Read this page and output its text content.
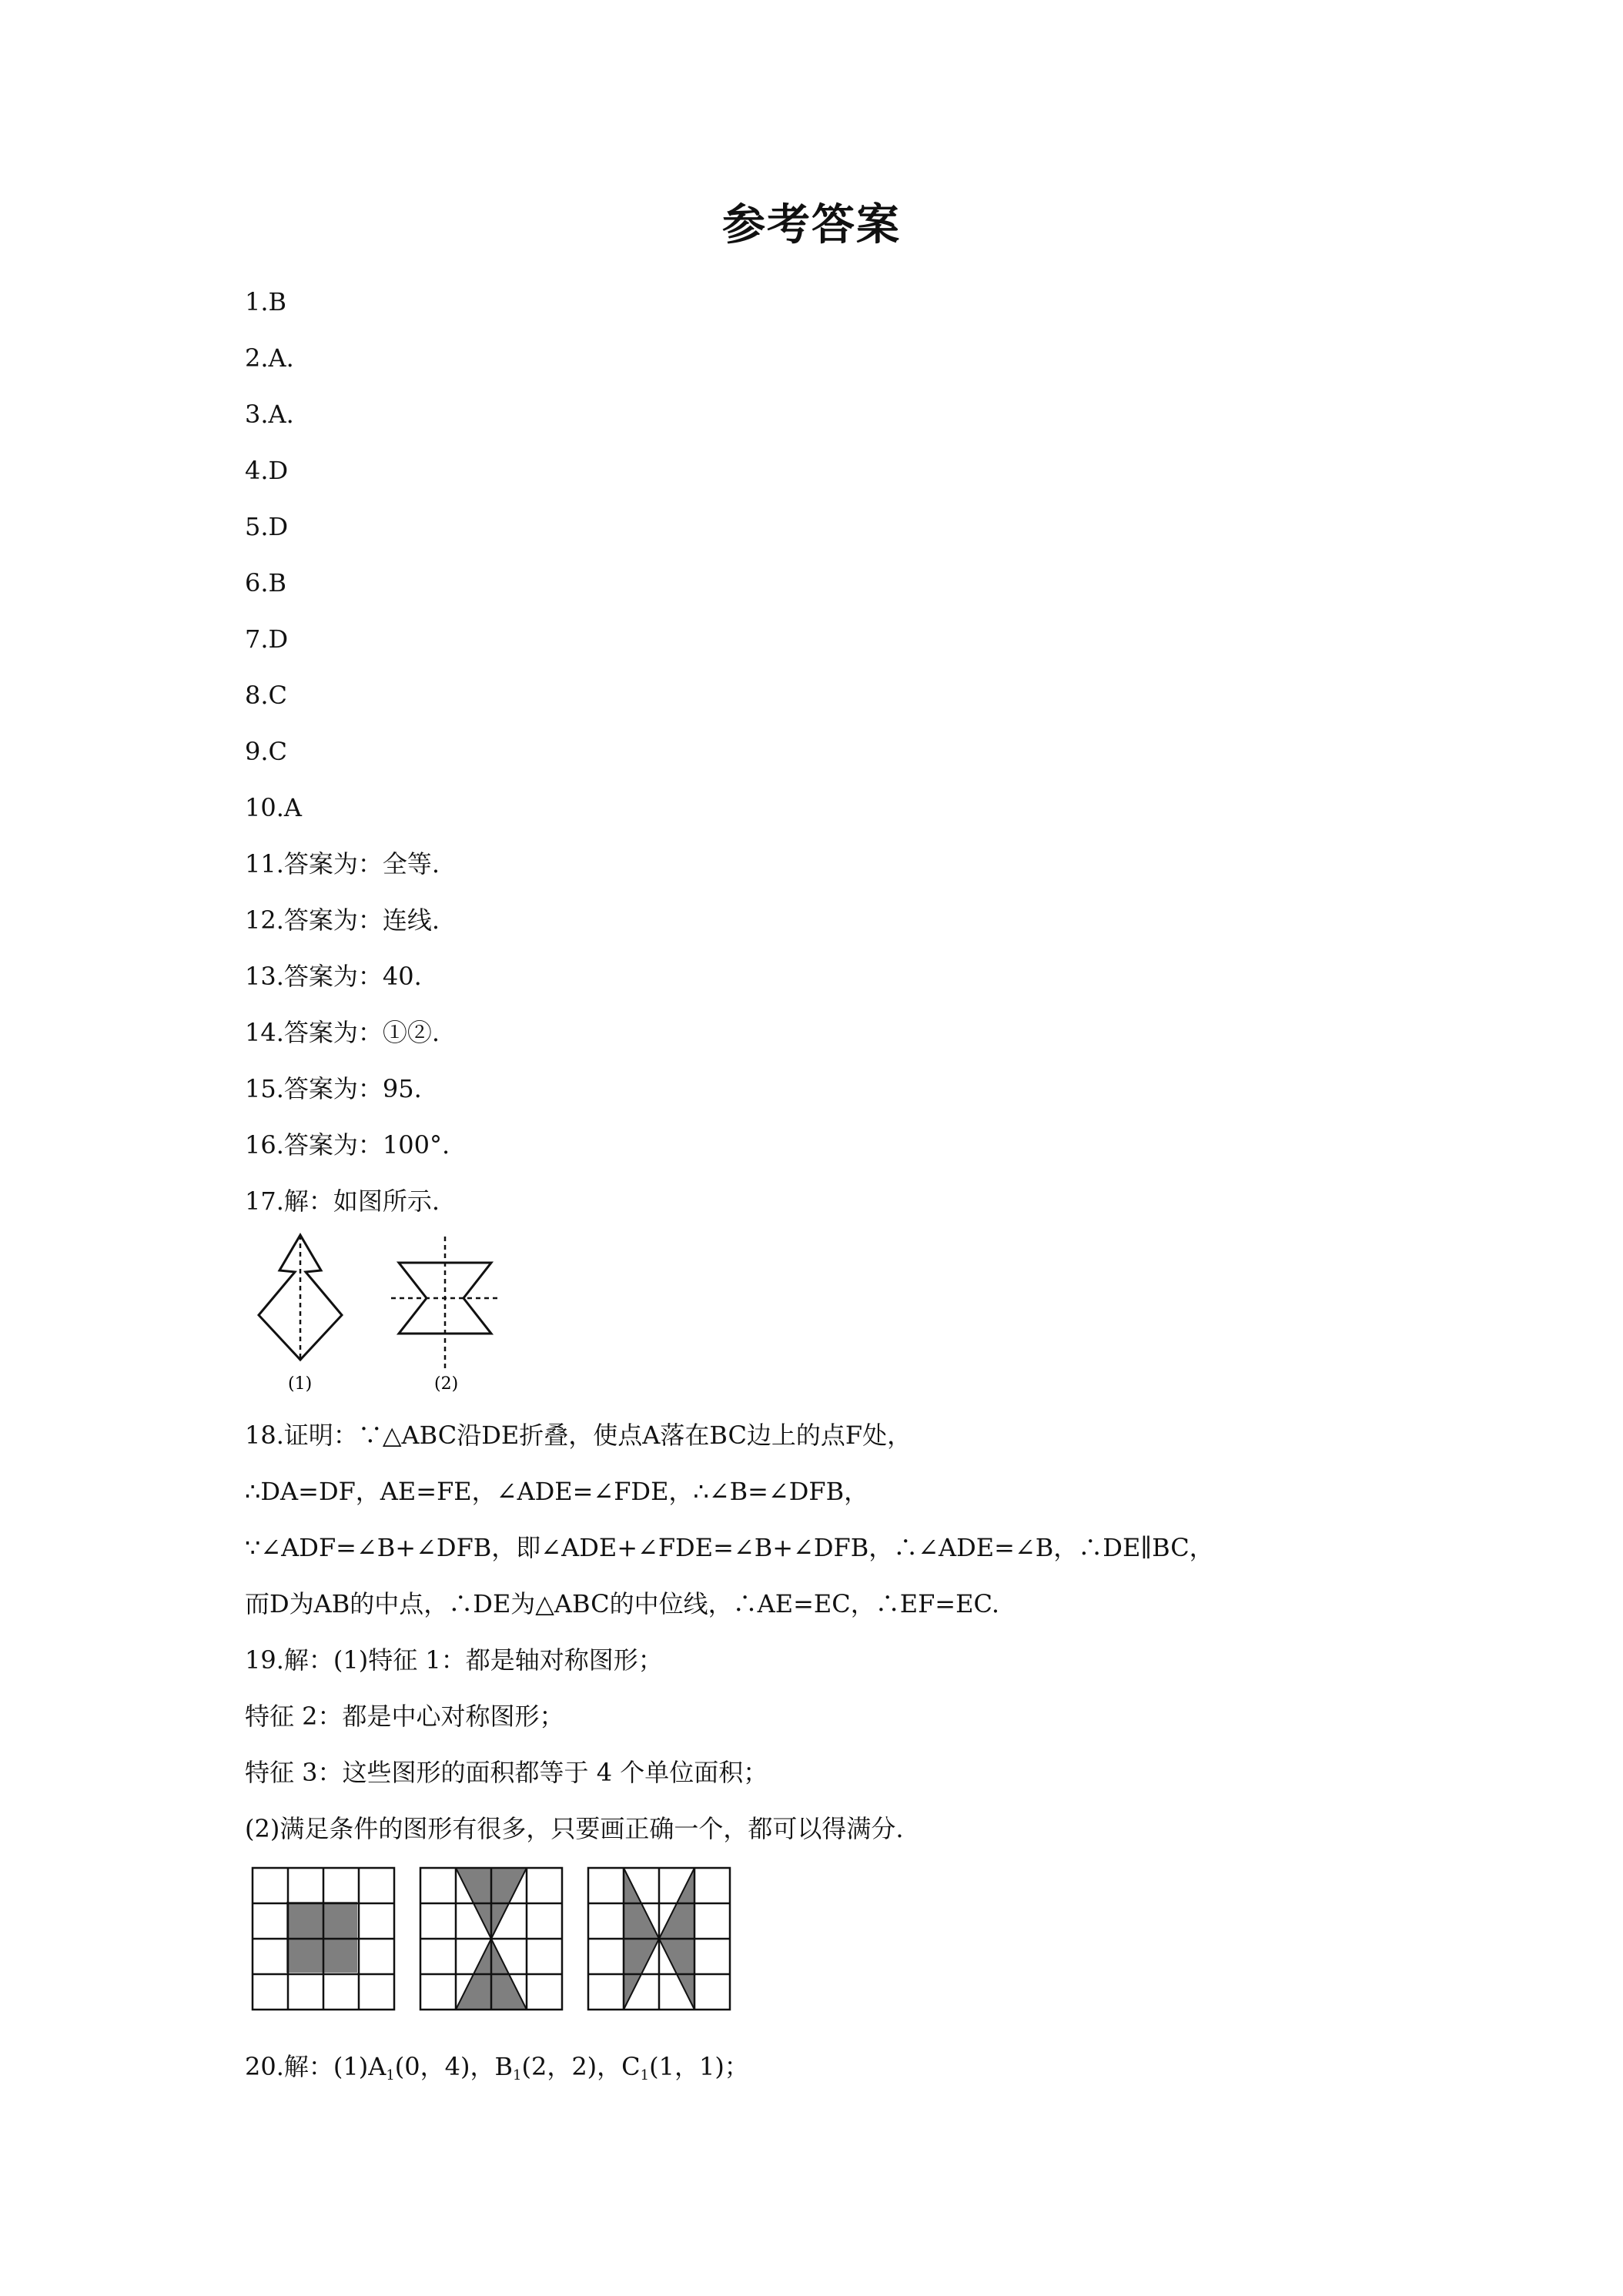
参考答案
1.B
2.A.
3.A.
4.D
5.D
6.B
7.D
8.C
9.C
10.A
11.答案为：全等.
12.答案为：连线.
13.答案为：40.
14.答案为：①②.
15.答案为：95.
16.答案为：100°.
17.解：如图所示.
(1)	(2)
18.证明：∵△ABC沿DE折叠，使点A落在BC边上的点F处，
∴DA=DF，AE=FE，∠ADE=∠FDE，∴∠B=∠DFB，
∵∠ADF=∠B+∠DFB，即∠ADE+∠FDE=∠B+∠DFB，∴∠ADE=∠B，∴DE∥BC，
而D为AB的中点，∴DE为△ABC的中位线，∴AE=EC，∴EF=EC.
19.解：(1)特征 1：都是轴对称图形；
特征 2：都是中心对称图形；
特征 3：这些图形的面积都等于 4 个单位面积；
(2)满足条件的图形有很多，只要画正确一个，都可以得满分.
20.解：$(1)A_1(0$，4)，$B_1(2$，2)，$C_1(1$，1)；
